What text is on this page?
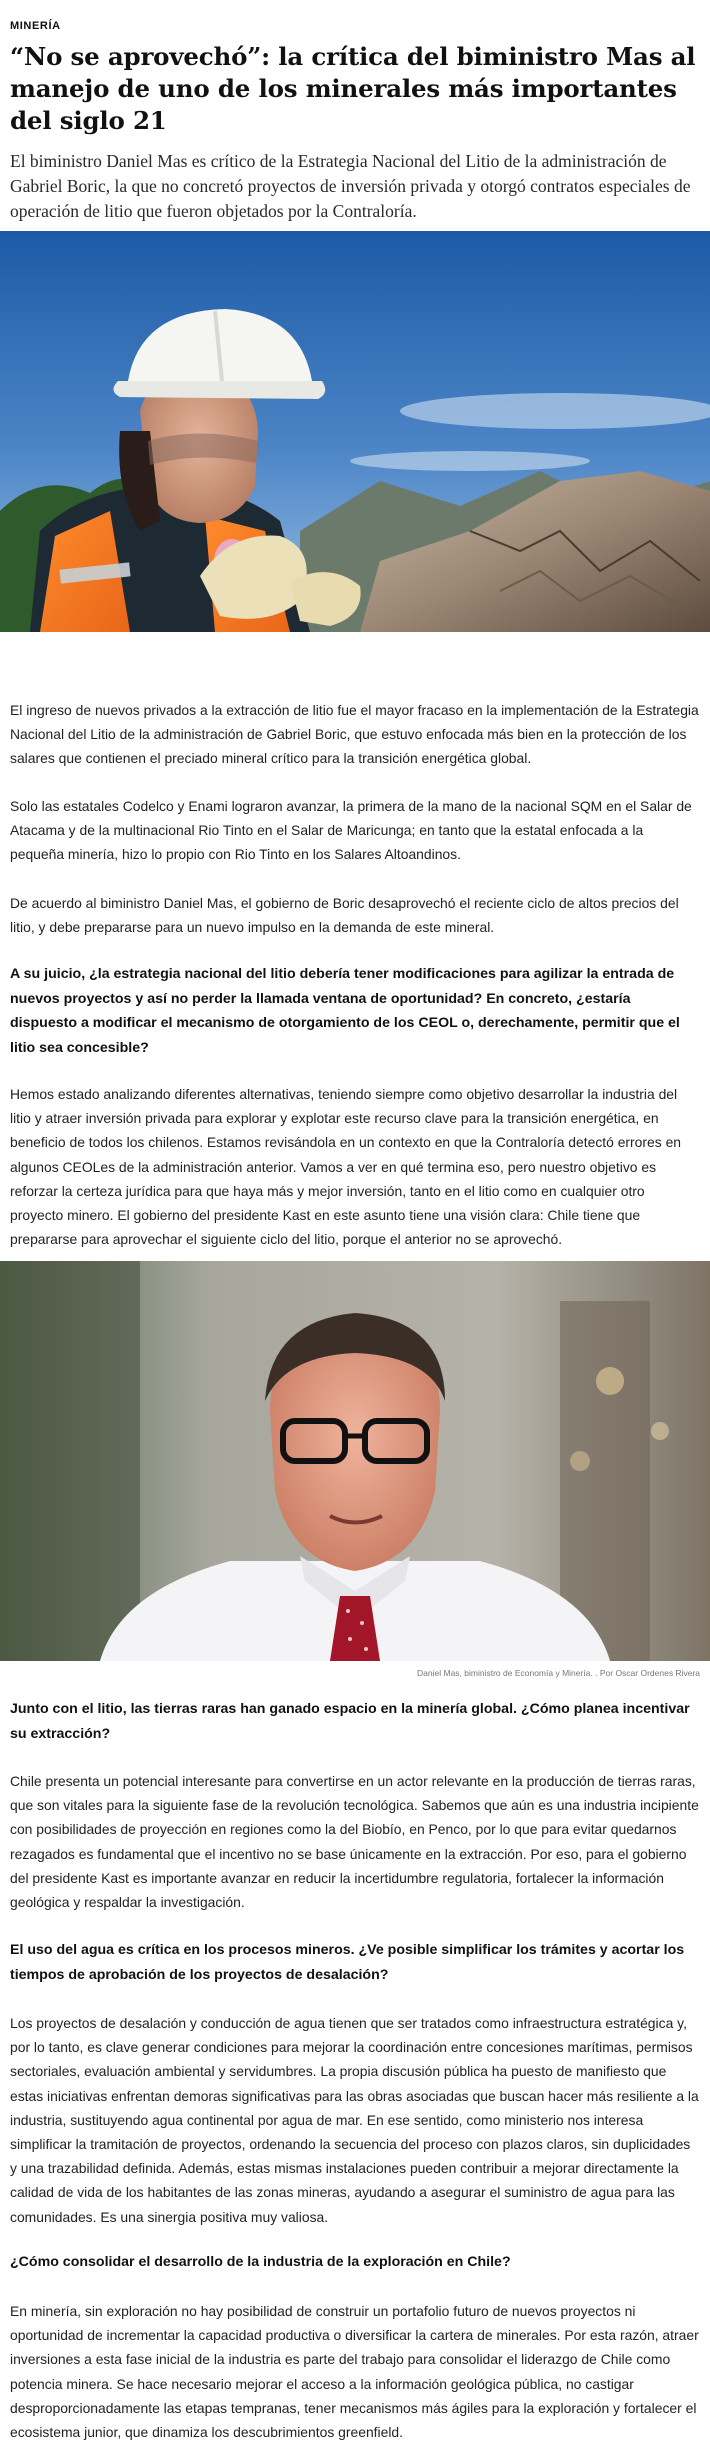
MINERÍA
“No se aprovechó”: la crítica del biministro Mas al manejo de uno de los minerales más importantes del siglo 21

El biministro Daniel Mas es crítico de la Estrategia Nacional del Litio de la administración de Gabriel Boric, la que no concretó proyectos de inversión privada y otorgó contratos especiales de operación de litio que fueron objetados por la Contraloría.

El ingreso de nuevos privados a la extracción de litio fue el mayor fracaso en la implementación de la Estrategia Nacional del Litio de la administración de Gabriel Boric, que estuvo enfocada más bien en la protección de los salares que contienen el preciado mineral crítico para la transición energética global.

Solo las estatales Codelco y Enami lograron avanzar, la primera de la mano de la nacional SQM en el Salar de Atacama y de la multinacional Rio Tinto en el Salar de Maricunga; en tanto que la estatal enfocada a la pequeña minería, hizo lo propio con Rio Tinto en los Salares Altoandinos.

De acuerdo al biministro Daniel Mas, el gobierno de Boric desaprovechó el reciente ciclo de altos precios del litio, y debe prepararse para un nuevo impulso en la demanda de este mineral.

A su juicio, ¿la estrategia nacional del litio debería tener modificaciones para agilizar la entrada de nuevos proyectos y así no perder la llamada ventana de oportunidad? En concreto, ¿estaría dispuesto a modificar el mecanismo de otorgamiento de los CEOL o, derechamente, permitir que el litio sea concesible?

Hemos estado analizando diferentes alternativas, teniendo siempre como objetivo desarrollar la industria del litio y atraer inversión privada para explorar y explotar este recurso clave para la transición energética, en beneficio de todos los chilenos. Estamos revisándola en un contexto en que la Contraloría detectó errores en algunos CEOLes de la administración anterior. Vamos a ver en qué termina eso, pero nuestro objetivo es reforzar la certeza jurídica para que haya más y mejor inversión, tanto en el litio como en cualquier otro proyecto minero. El gobierno del presidente Kast en este asunto tiene una visión clara: Chile tiene que prepararse para aprovechar el siguiente ciclo del litio, porque el anterior no se aprovechó.

Daniel Mas, biministro de Economía y Minería. . Por Oscar Ordenes Rivera

Junto con el litio, las tierras raras han ganado espacio en la minería global. ¿Cómo planea incentivar su extracción?

Chile presenta un potencial interesante para convertirse en un actor relevante en la producción de tierras raras, que son vitales para la siguiente fase de la revolución tecnológica. Sabemos que aún es una industria incipiente con posibilidades de proyección en regiones como la del Biobío, en Penco, por lo que para evitar quedarnos rezagados es fundamental que el incentivo no se base únicamente en la extracción. Por eso, para el gobierno del presidente Kast es importante avanzar en reducir la incertidumbre regulatoria, fortalecer la información geológica y respaldar la investigación.

El uso del agua es crítica en los procesos mineros. ¿Ve posible simplificar los trámites y acortar los tiempos de aprobación de los proyectos de desalación?

Los proyectos de desalación y conducción de agua tienen que ser tratados como infraestructura estratégica y, por lo tanto, es clave generar condiciones para mejorar la coordinación entre concesiones marítimas, permisos sectoriales, evaluación ambiental y servidumbres. La propia discusión pública ha puesto de manifiesto que estas iniciativas enfrentan demoras significativas para las obras asociadas que buscan hacer más resiliente a la industria, sustituyendo agua continental por agua de mar. En ese sentido, como ministerio nos interesa simplificar la tramitación de proyectos, ordenando la secuencia del proceso con plazos claros, sin duplicidades y una trazabilidad definida. Además, estas mismas instalaciones pueden contribuir a mejorar directamente la calidad de vida de los habitantes de las zonas mineras, ayudando a asegurar el suministro de agua para las comunidades. Es una sinergia positiva muy valiosa.

¿Cómo consolidar el desarrollo de la industria de la exploración en Chile?

En minería, sin exploración no hay posibilidad de construir un portafolio futuro de nuevos proyectos ni oportunidad de incrementar la capacidad productiva o diversificar la cartera de minerales. Por esta razón, atraer inversiones a esta fase inicial de la industria es parte del trabajo para consolidar el liderazgo de Chile como potencia minera. Se hace necesario mejorar el acceso a la información geológica pública, no castigar desproporcionadamente las etapas tempranas, tener mecanismos más ágiles para la exploración y fortalecer el ecosistema junior, que dinamiza los descubrimientos greenfield.
